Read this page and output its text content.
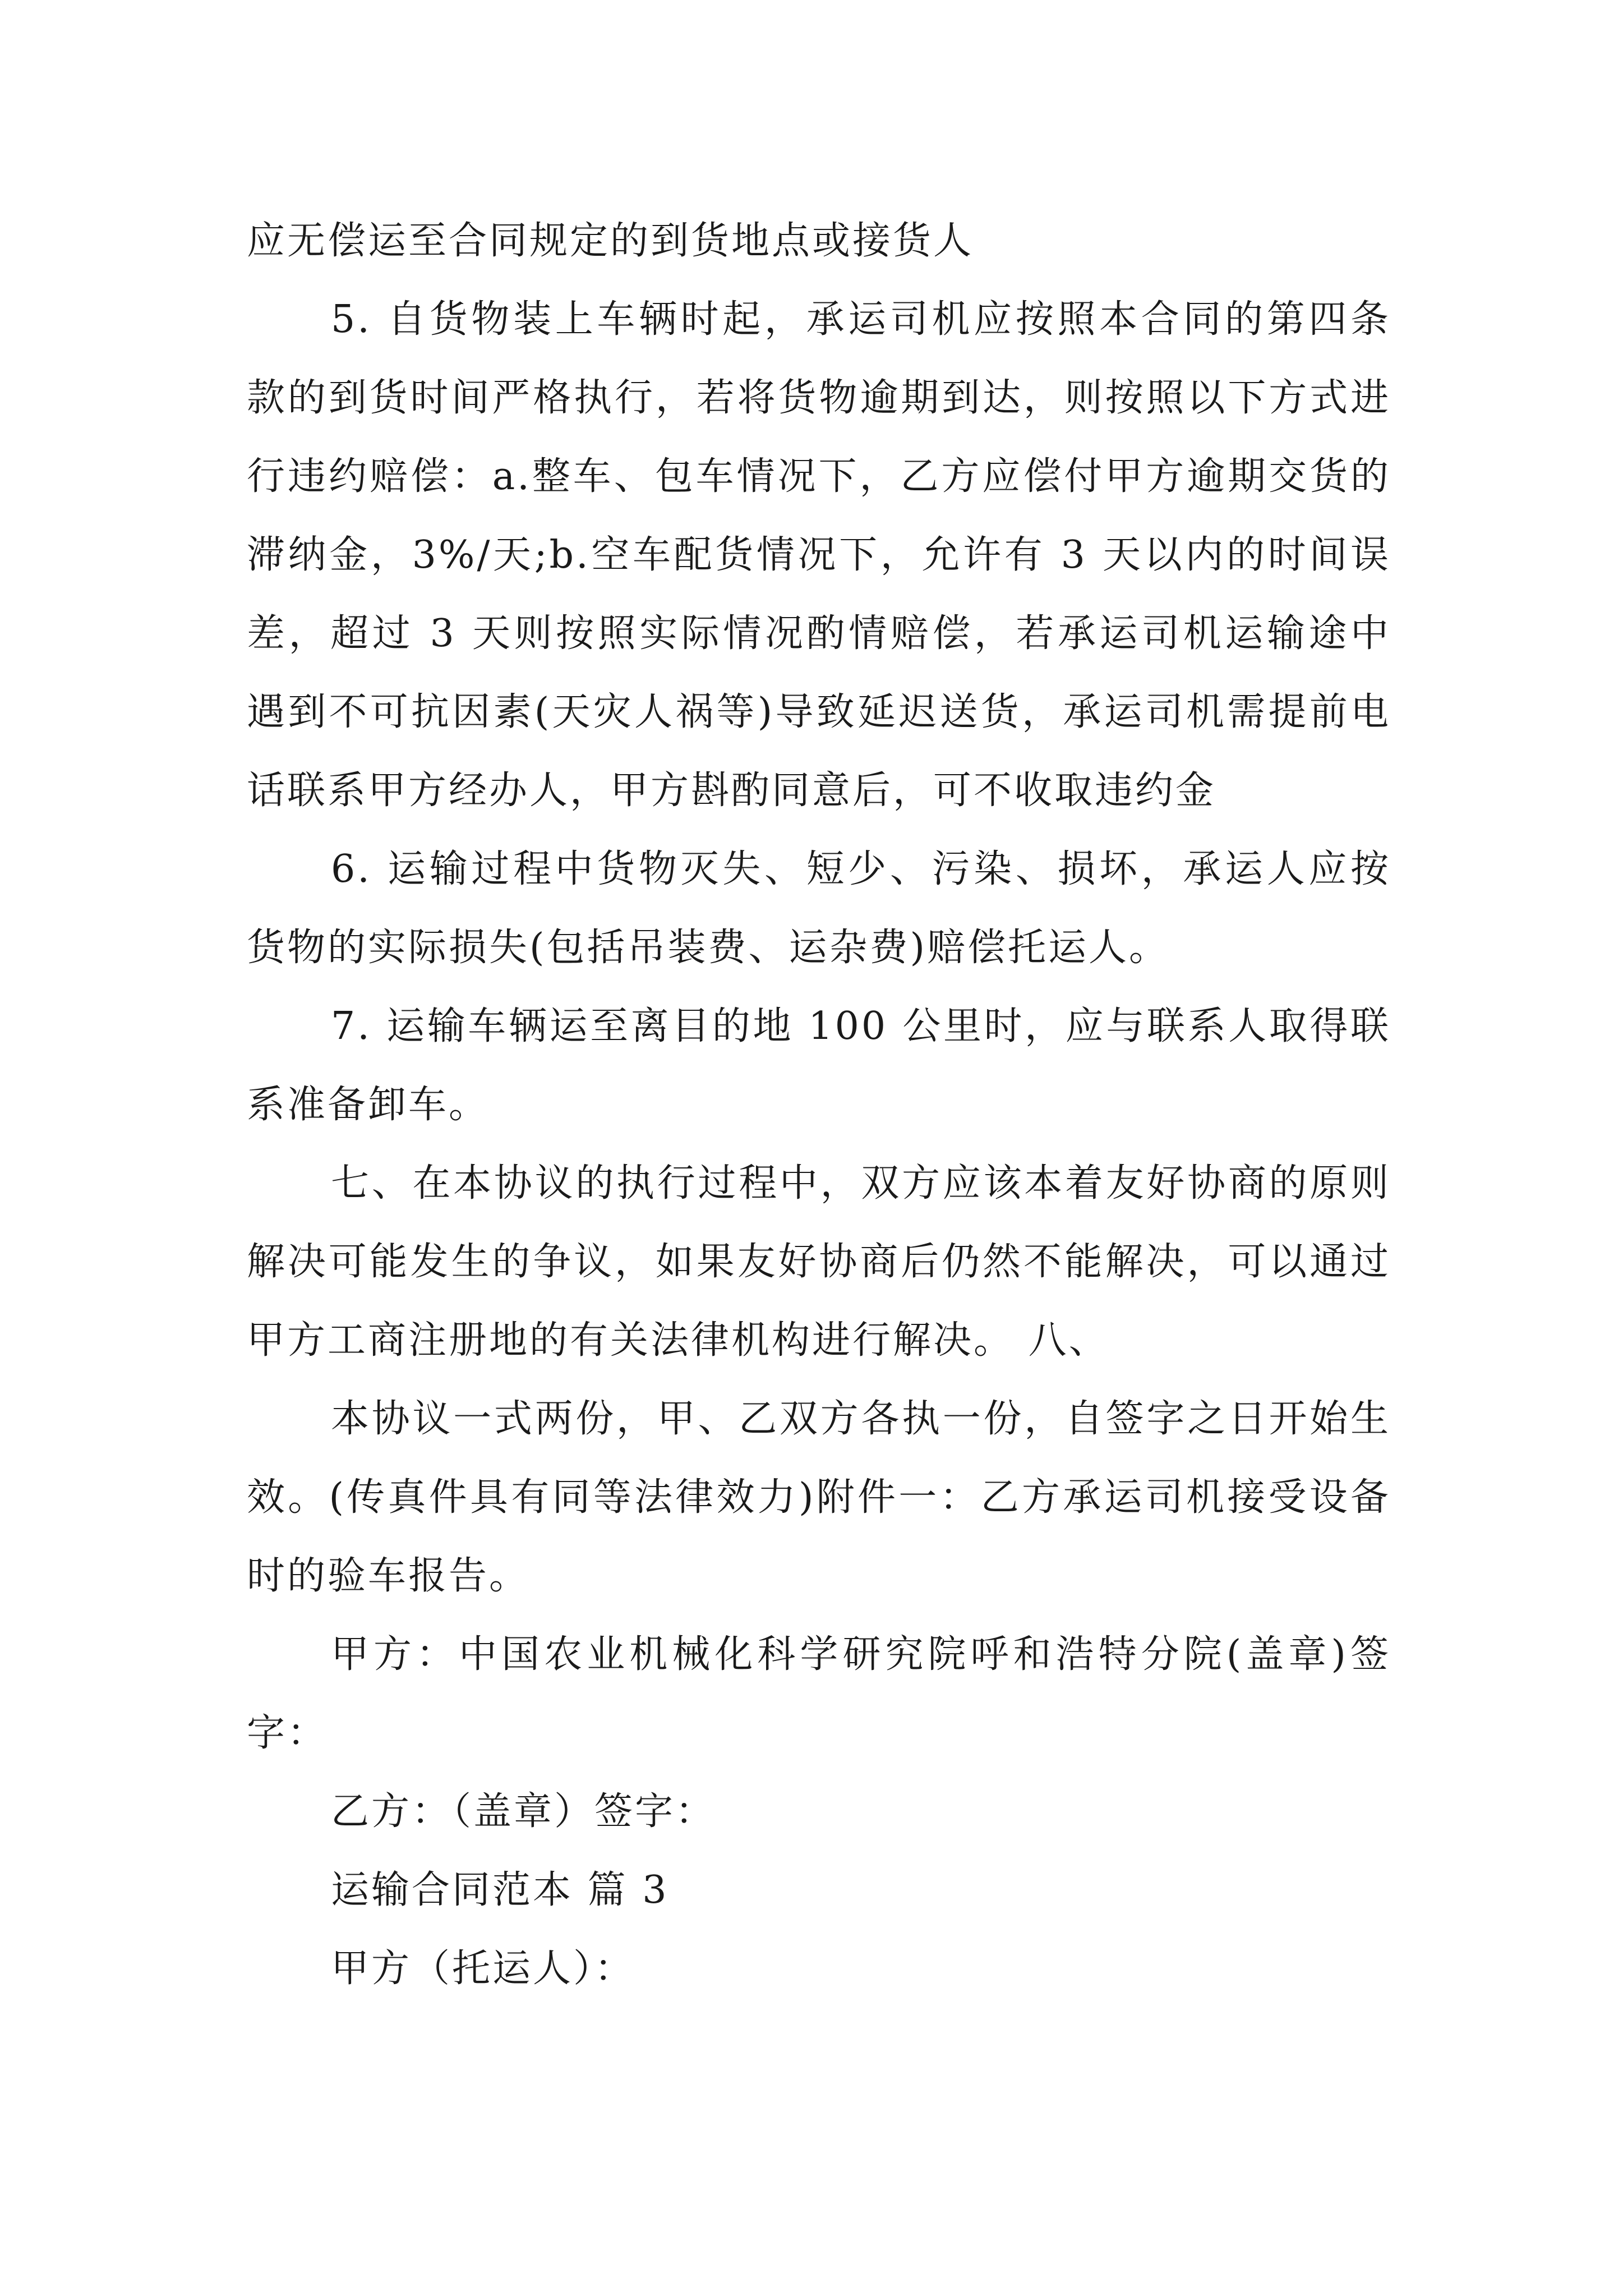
应无偿运至合同规定的到货地点或接货人

5. 自货物装上车辆时起，承运司机应按照本合同的第四条款的到货时间严格执行，若将货物逾期到达，则按照以下方式进行违约赔偿：a.整车、包车情况下，乙方应偿付甲方逾期交货的滞纳金，3%/天;b.空车配货情况下，允许有 3 天以内的时间误差，超过 3 天则按照实际情况酌情赔偿，若承运司机运输途中遇到不可抗因素(天灾人祸等)导致延迟送货，承运司机需提前电话联系甲方经办人，甲方斟酌同意后，可不收取违约金

6. 运输过程中货物灭失、短少、污染、损坏，承运人应按货物的实际损失(包括吊装费、运杂费)赔偿托运人。

7. 运输车辆运至离目的地 100 公里时，应与联系人取得联系准备卸车。

七、在本协议的执行过程中，双方应该本着友好协商的原则解决可能发生的争议，如果友好协商后仍然不能解决，可以通过甲方工商注册地的有关法律机构进行解决。 八、

本协议一式两份，甲、乙双方各执一份，自签字之日开始生效。(传真件具有同等法律效力)附件一：乙方承运司机接受设备时的验车报告。

甲方：中国农业机械化科学研究院呼和浩特分院(盖章)签字：

乙方：（盖章）签字：

运输合同范本 篇 3

甲方（托运人）：
